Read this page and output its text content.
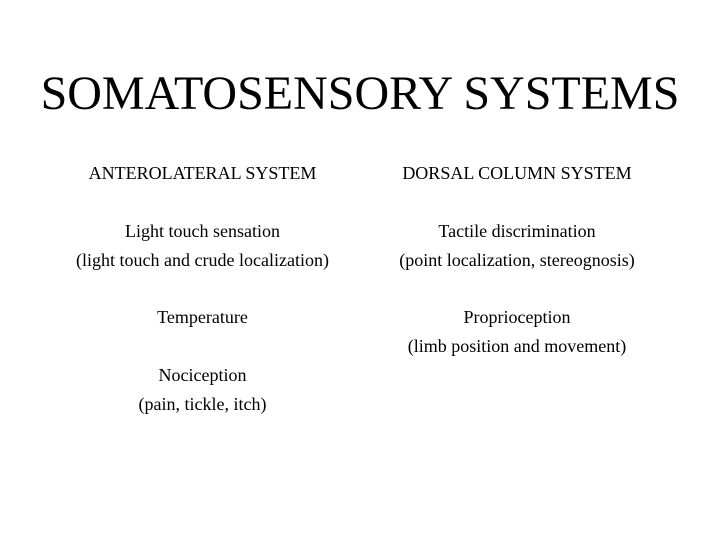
SOMATOSENSORY SYSTEMS
ANTEROLATERAL SYSTEM
Light touch sensation
(light touch and crude localization)
Temperature
Nociception
(pain, tickle, itch)
DORSAL COLUMN SYSTEM
Tactile discrimination
(point localization, stereognosis)
Proprioception
(limb position and movement)
